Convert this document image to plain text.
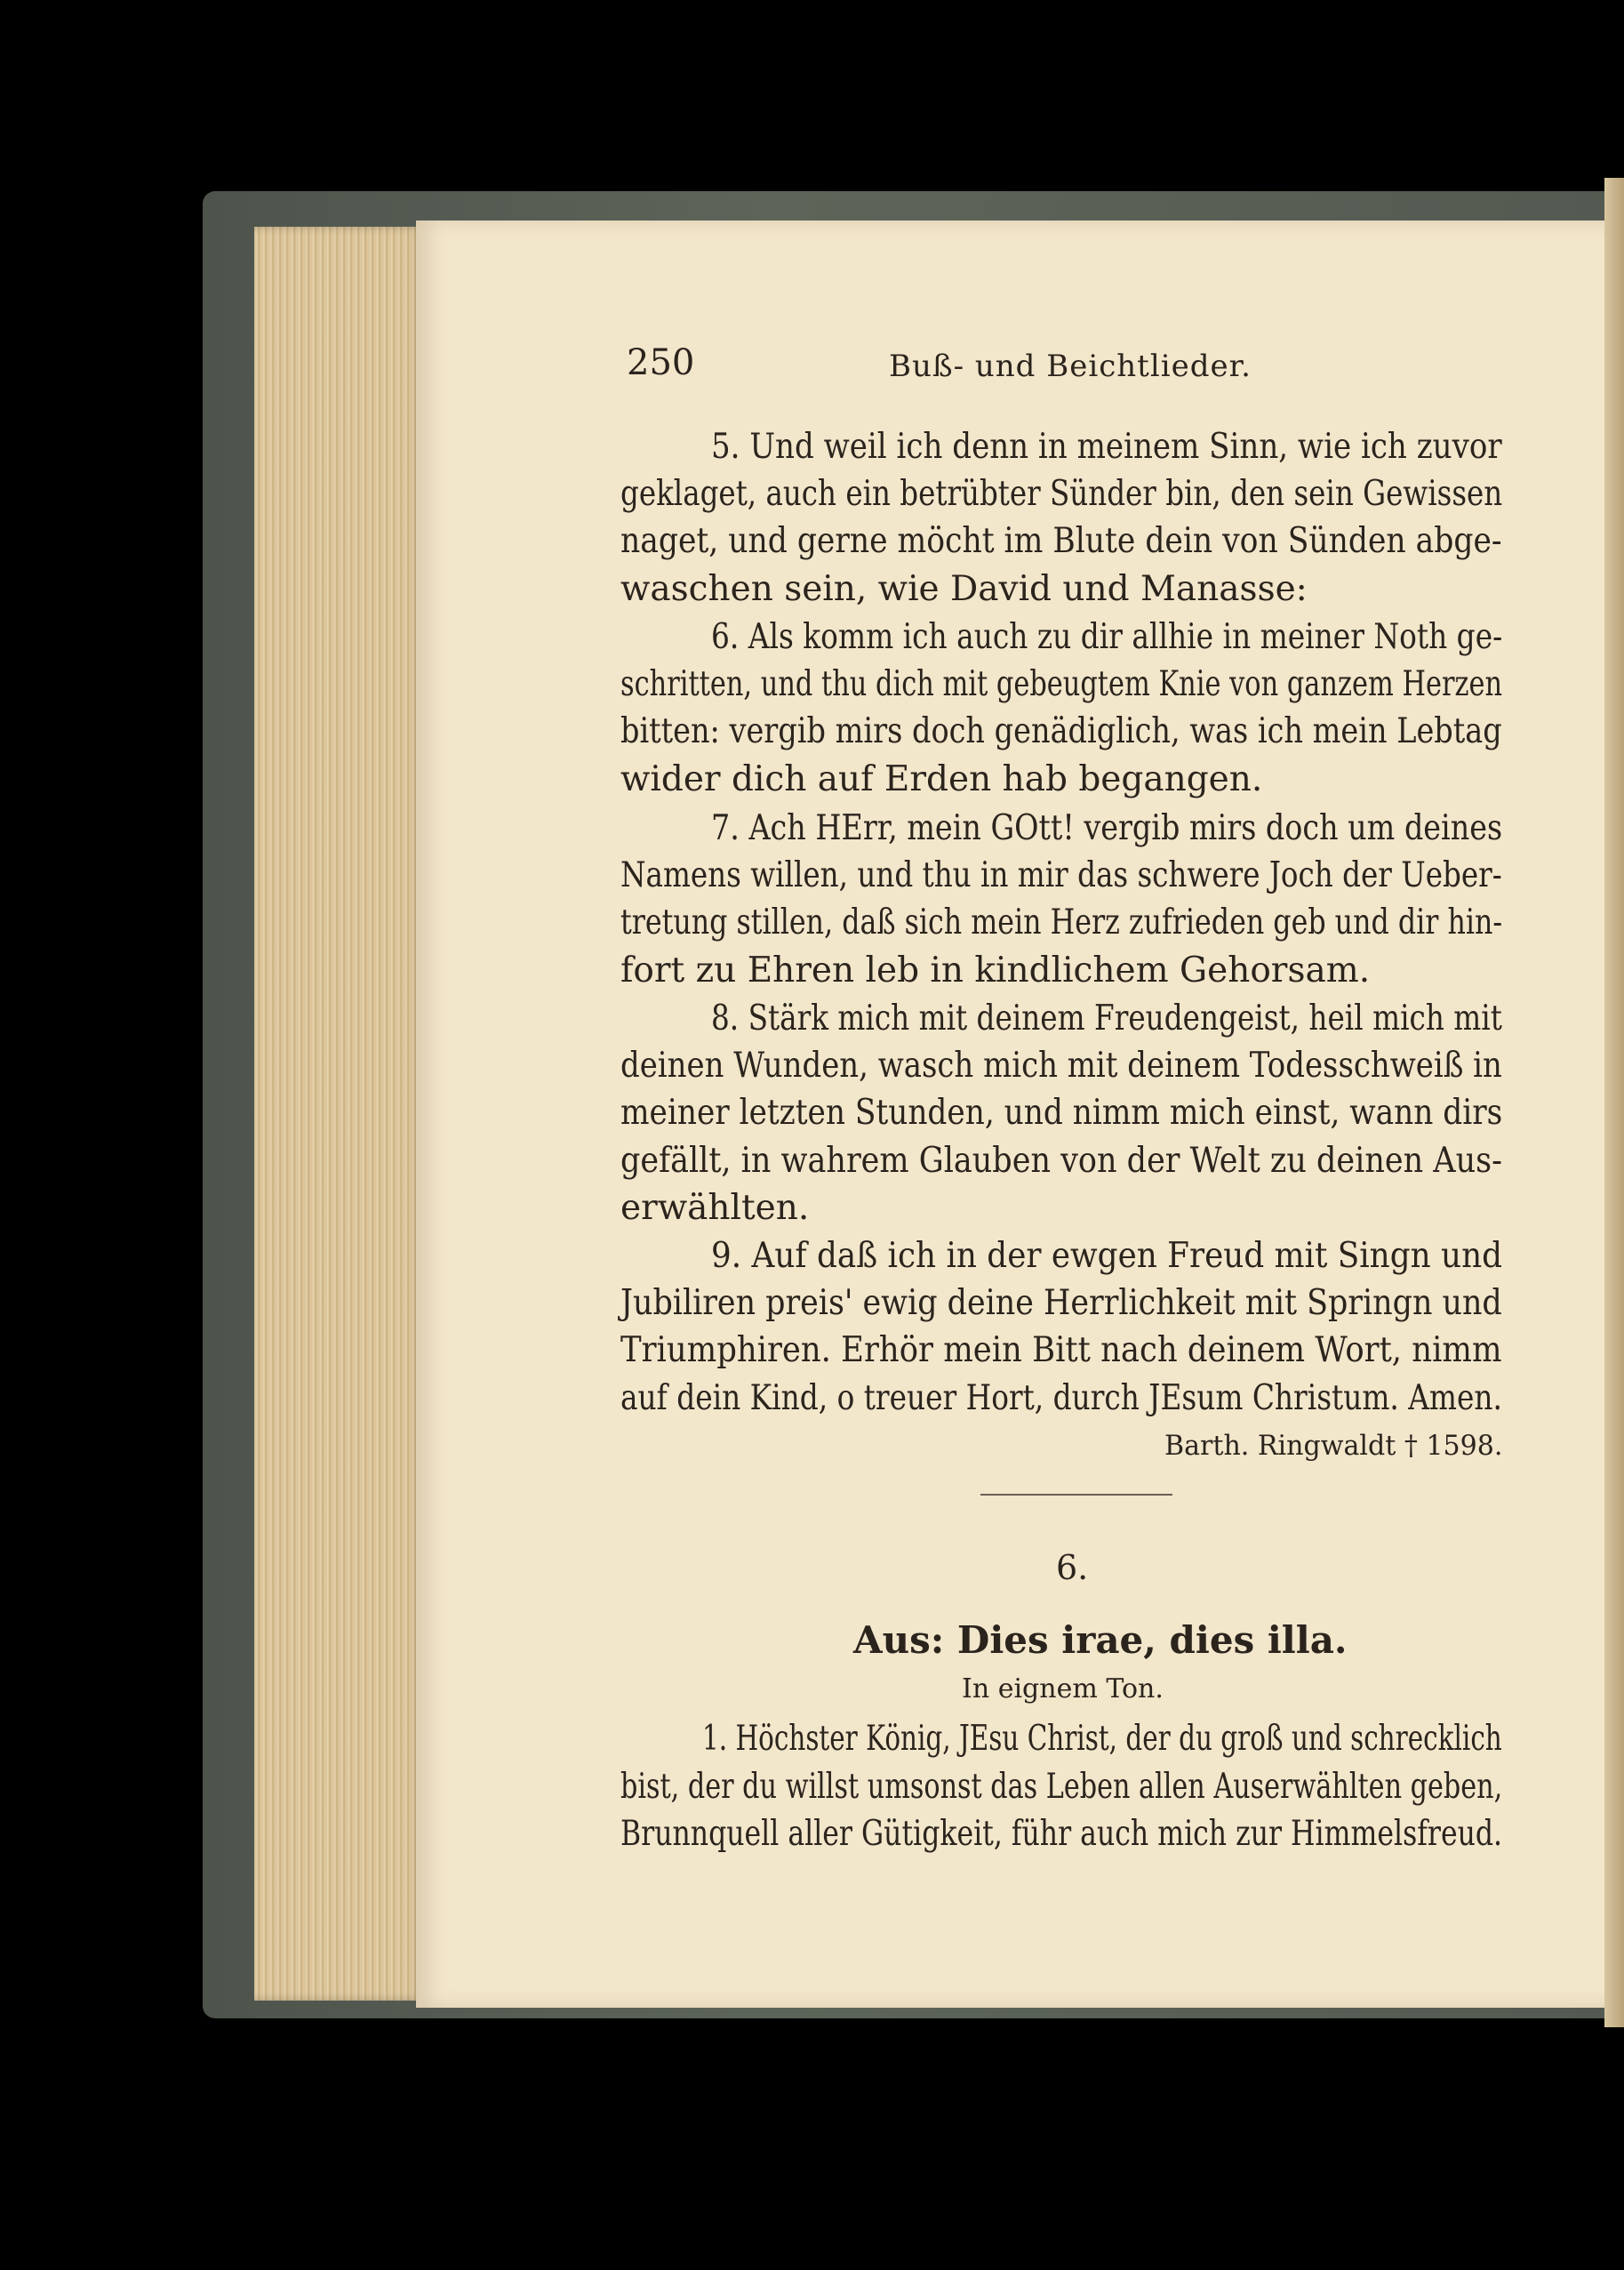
250	Buß- und Beichtlieder.

5. Und weil ich denn in meinem Sinn, wie ich zuvor

geklaget, auch ein betrübter Sünder bin, den sein Gewissen

naget, und gerne möcht im Blute dein von Sünden abge-

waschen sein, wie David und Manasse:

6. Als komm ich auch zu dir allhie in meiner Noth ge-

schritten, und thu dich mit gebeugtem Knie von ganzem Herzen

bitten: vergib mirs doch genädiglich, was ich mein Lebtag

wider dich auf Erden hab begangen.

7. Ach HErr, mein GOtt! vergib mirs doch um deines

Namens willen, und thu in mir das schwere Joch der Ueber-

tretung stillen, daß sich mein Herz zufrieden geb und dir hin-

fort zu Ehren leb in kindlichem Gehorsam.

8. Stärk mich mit deinem Freudengeist, heil mich mit

deinen Wunden, wasch mich mit deinem Todesschweiß in

meiner letzten Stunden, und nimm mich einst, wann dirs

gefällt, in wahrem Glauben von der Welt zu deinen Aus-

erwählten.

9. Auf daß ich in der ewgen Freud mit Singn und

Jubiliren preis' ewig deine Herrlichkeit mit Springn und

Triumphiren. Erhör mein Bitt nach deinem Wort, nimm

auf dein Kind, o treuer Hort, durch JEsum Christum. Amen.

Barth. Ringwaldt † 1598.

6.

Aus: Dies irae, dies illa.

In eignem Ton.

1. Höchster König, JEsu Christ, der du groß und schrecklich

bist, der du willst umsonst das Leben allen Auserwählten geben,

Brunnquell aller Gütigkeit, führ auch mich zur Himmelsfreud.
